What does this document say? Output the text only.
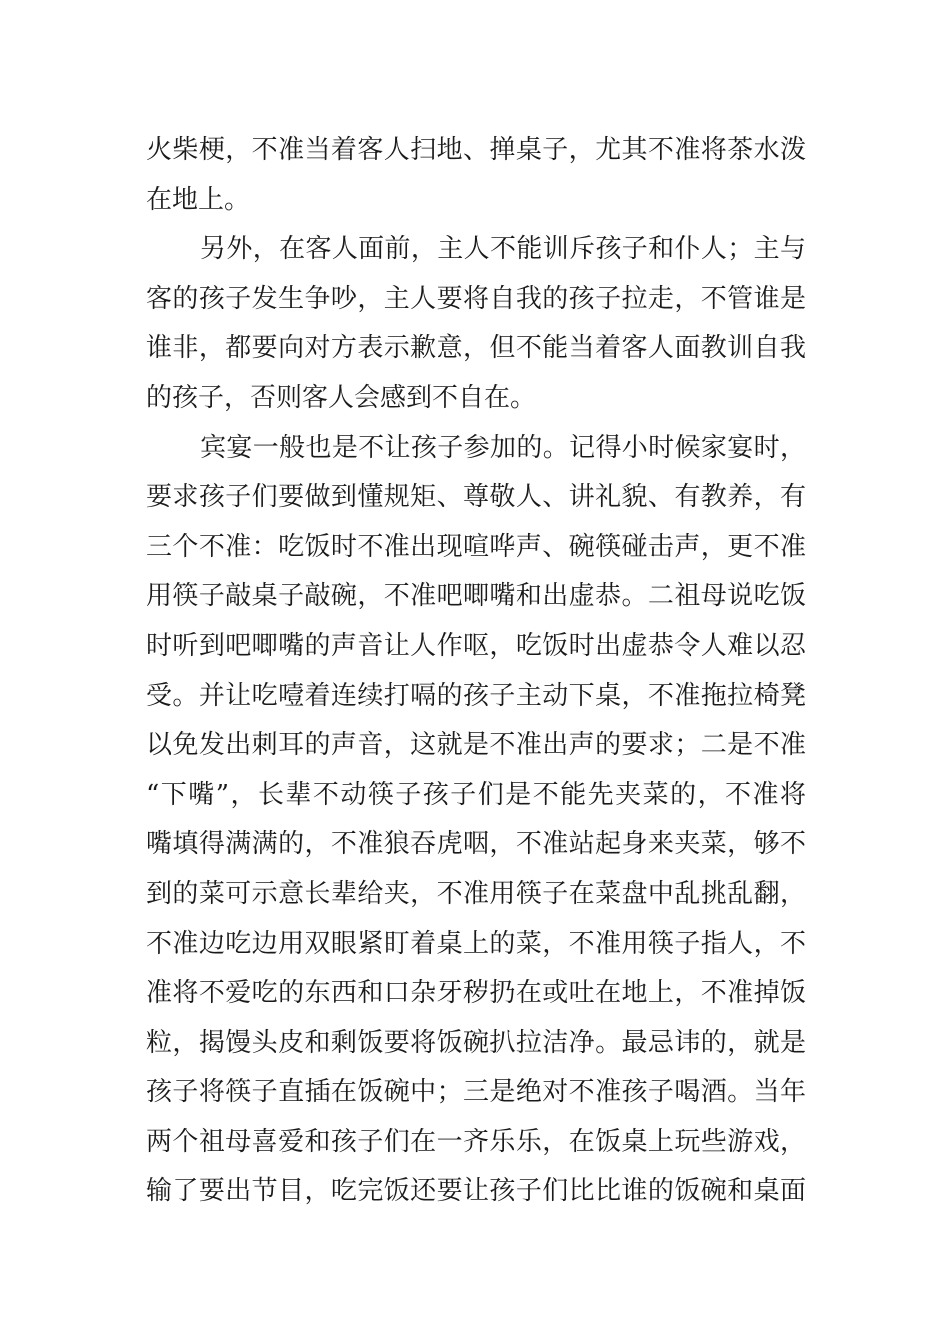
火柴梗，不准当着客人扫地、掸桌子，尤其不准将茶水泼
在地上。
另外，在客人面前，主人不能训斥孩子和仆人；主与
客的孩子发生争吵，主人要将自我的孩子拉走，不管谁是
谁非，都要向对方表示歉意，但不能当着客人面教训自我
的孩子，否则客人会感到不自在。
宾宴一般也是不让孩子参加的。记得小时候家宴时，
要求孩子们要做到懂规矩、尊敬人、讲礼貌、有教养，有
三个不准：吃饭时不准出现喧哗声、碗筷碰击声，更不准
用筷子敲桌子敲碗，不准吧唧嘴和出虚恭。二祖母说吃饭
时听到吧唧嘴的声音让人作呕，吃饭时出虚恭令人难以忍
受。并让吃噎着连续打嗝的孩子主动下桌，不准拖拉椅凳
以免发出刺耳的声音，这就是不准出声的要求；二是不准
“下嘴”，长辈不动筷子孩子们是不能先夹菜的，不准将
嘴填得满满的，不准狼吞虎咽，不准站起身来夹菜，够不
到的菜可示意长辈给夹，不准用筷子在菜盘中乱挑乱翻，
不准边吃边用双眼紧盯着桌上的菜，不准用筷子指人，不
准将不爱吃的东西和口杂牙秽扔在或吐在地上，不准掉饭
粒，揭馒头皮和剩饭要将饭碗扒拉洁净。最忌讳的，就是
孩子将筷子直插在饭碗中；三是绝对不准孩子喝酒。当年
两个祖母喜爱和孩子们在一齐乐乐，在饭桌上玩些游戏，
输了要出节目，吃完饭还要让孩子们比比谁的饭碗和桌面
